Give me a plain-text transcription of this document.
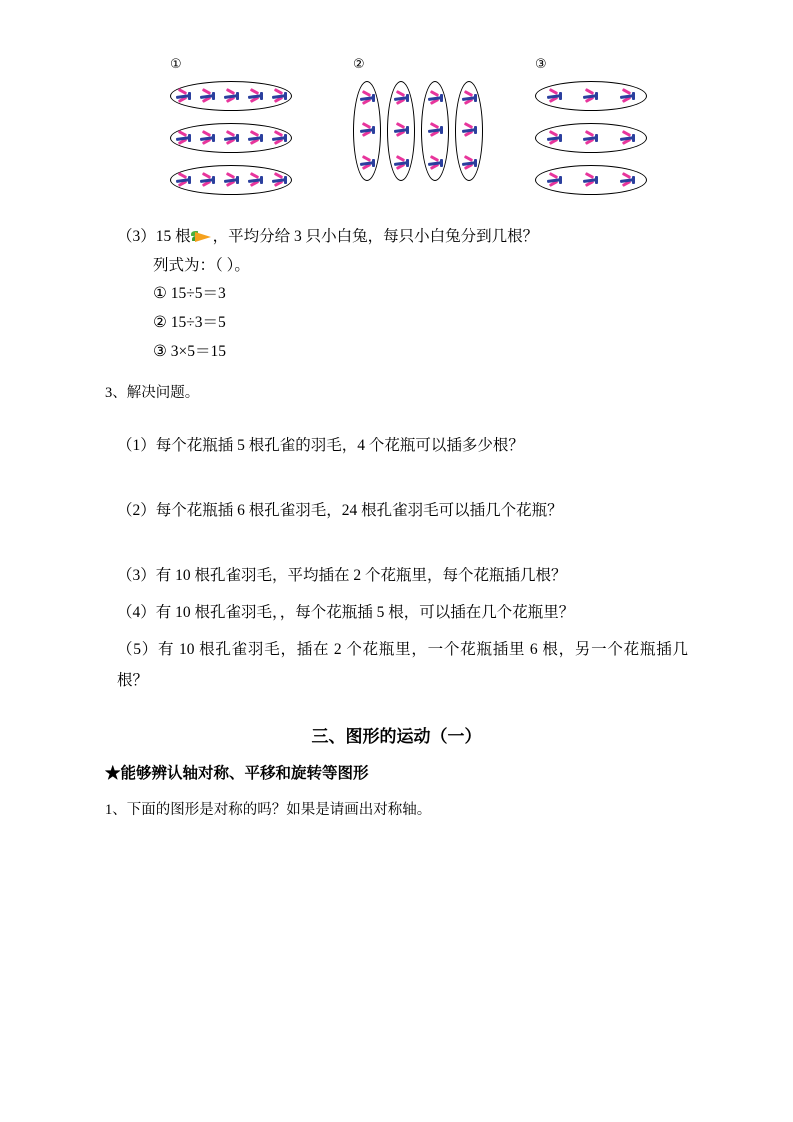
①	②	③

（3）15 根 ，平均分给 3 只小白兔，每只小白兔分到几根？

列式为：（ ）。

① 15÷5＝3

② 15÷3＝5

③ 3×5＝15

3、解决问题。

（1）每个花瓶插 5 根孔雀的羽毛，4 个花瓶可以插多少根？

（2）每个花瓶插 6 根孔雀羽毛，24 根孔雀羽毛可以插几个花瓶？

（3）有 10 根孔雀羽毛，平均插在 2 个花瓶里，每个花瓶插几根？

（4）有 10 根孔雀羽毛，，每个花瓶插 5 根，可以插在几个花瓶里？

（5）有 10 根孔雀羽毛，插在 2 个花瓶里，一个花瓶插里 6 根，另一个花瓶插几根？

三、图形的运动（一）

★能够辨认轴对称、平移和旋转等图形

1、下面的图形是对称的吗？如果是请画出对称轴。
